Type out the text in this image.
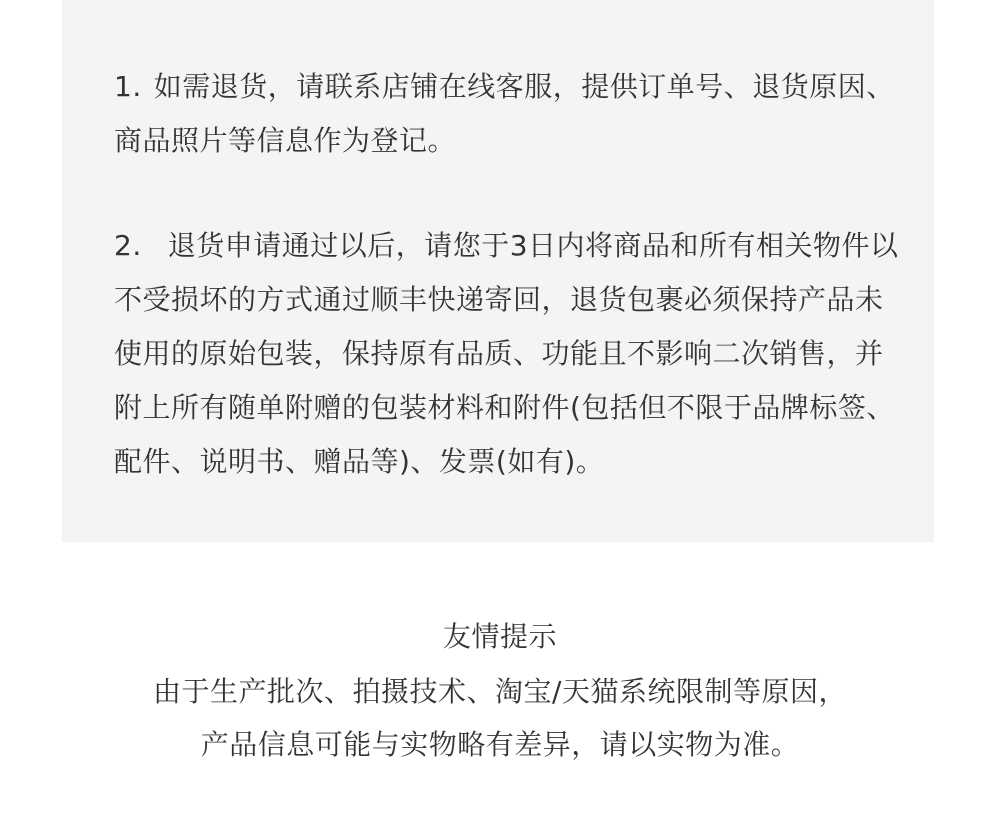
1. 如需退货，请联系店铺在线客服，提供订单号、退货原因、商品照片等信息作为登记。

2. 退货申请通过以后，请您于3日内将商品和所有相关物件以不受损坏的方式通过顺丰快递寄回，退货包裹必须保持产品未使用的原始包装，保持原有品质、功能且不影响二次销售，并附上所有随单附赠的包装材料和附件(包括但不限于品牌标签、配件、说明书、赠品等)、发票(如有)。

友情提示
由于生产批次、拍摄技术、淘宝/天猫系统限制等原因，
产品信息可能与实物略有差异，请以实物为准。
